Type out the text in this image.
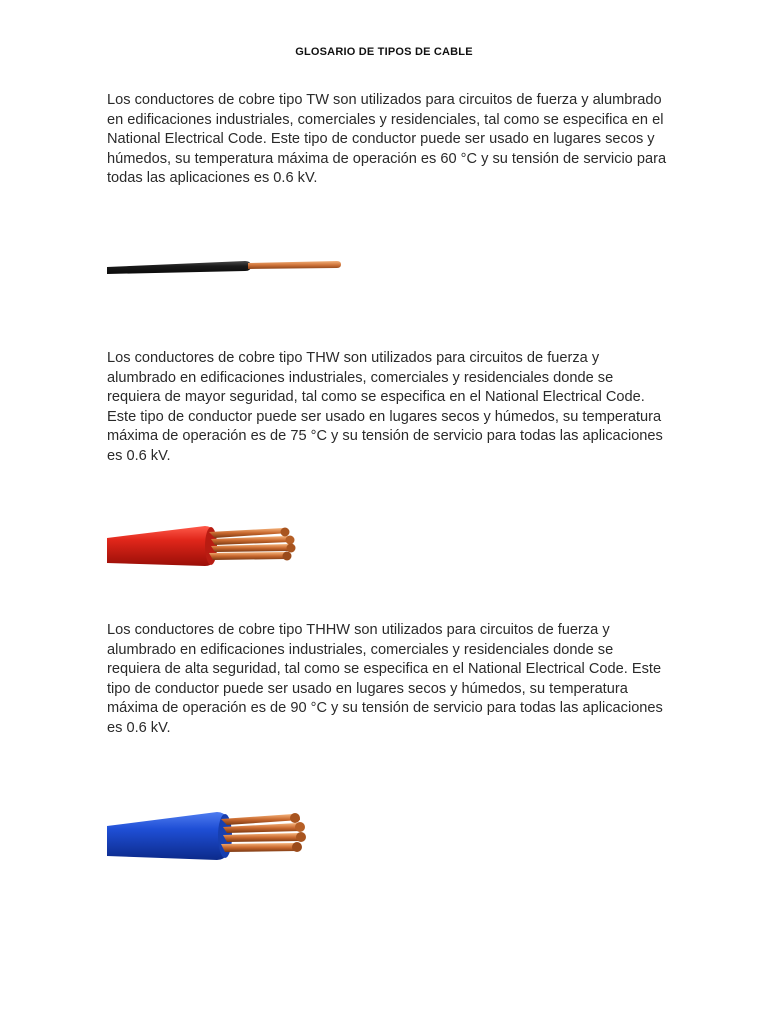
GLOSARIO DE TIPOS DE CABLE

Los conductores de cobre tipo TW son utilizados para circuitos de fuerza y alumbrado en edificaciones industriales, comerciales y residenciales, tal como se especifica en el National Electrical Code. Este tipo de conductor puede ser usado en lugares secos y húmedos, su temperatura máxima de operación es 60 °C y su tensión de servicio para todas las aplicaciones es 0.6 kV.

Los conductores de cobre tipo THW son utilizados para circuitos de fuerza y alumbrado en edificaciones industriales, comerciales y residenciales donde se requiera de mayor seguridad, tal como se especifica en el National Electrical Code. Este tipo de conductor puede ser usado en lugares secos y húmedos, su temperatura máxima de operación es de 75 °C y su tensión de servicio para todas las aplicaciones es 0.6 kV.

Los conductores de cobre tipo THHW son utilizados para circuitos de fuerza y alumbrado en edificaciones industriales, comerciales y residenciales donde se requiera de alta seguridad, tal como se especifica en el National Electrical Code. Este tipo de conductor puede ser usado en lugares secos y húmedos, su temperatura máxima de operación es de 90 °C y su tensión de servicio para todas las aplicaciones es 0.6 kV.
